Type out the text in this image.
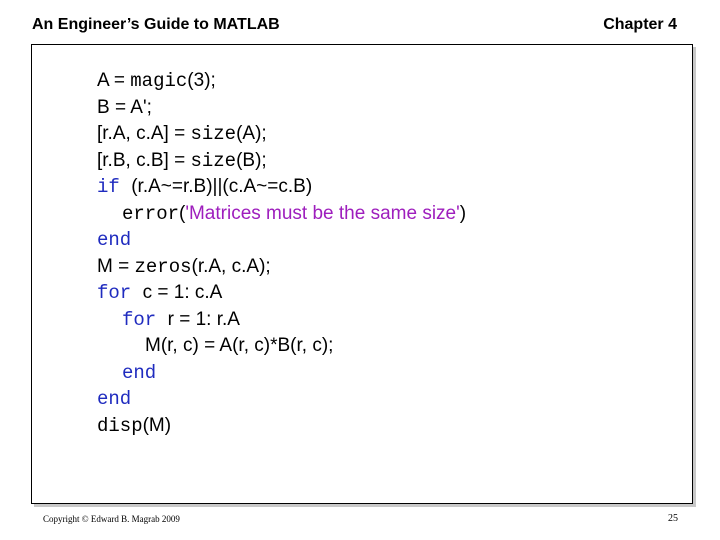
An Engineer’s Guide to MATLAB	Chapter 4
A = magic(3);
B = A';
[r.A, c.A] = size(A);
[r.B, c.B] = size(B);
if (r.A~=r.B)||(c.A~=c.B)
error('Matrices must be the same size')
end
M = zeros(r.A, c.A);
for c = 1: c.A
for r = 1: r.A
M(r, c) = A(r, c)*B(r, c);
end
end
disp(M)
Copyright © Edward B. Magrab 2009	25
